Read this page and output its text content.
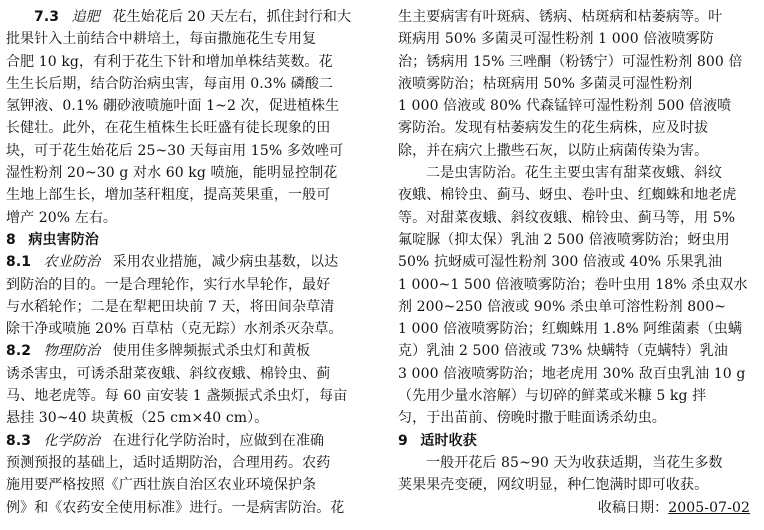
7.3 追肥 花生始花后 20 天左右，抓住封行和大
批果针入土前结合中耕培土，每亩撒施花生专用复
合肥 10 kg，有利于花生下针和增加单株结荚数。花
生生长后期，结合防治病虫害，每亩用 0.3% 磷酸二
氢钾液、0.1% 硼砂液喷施叶面 1~2 次，促进植株生
长健壮。此外，在花生植株生长旺盛有徒长现象的田
块，可于花生始花后 25~30 天每亩用 15% 多效唑可
湿性粉剂 20~30 g 对水 60 kg 喷施，能明显控制花
生地上部生长，增加茎秆粗度，提高荚果重，一般可
增产 20% 左右。
8 病虫害防治
8.1 农业防治 采用农业措施，减少病虫基数，以达
到防治的目的。一是合理轮作，实行水旱轮作，最好
与水稻轮作；二是在犁耙田块前 7 天，将田间杂草清
除干净或喷施 20% 百草枯（克无踪）水剂杀灭杂草。
8.2 物理防治 使用佳多牌频振式杀虫灯和黄板
诱杀害虫，可诱杀甜菜夜蛾、斜纹夜蛾、棉铃虫、蓟
马、地老虎等。每 60 亩安装 1 盏频振式杀虫灯，每亩
悬挂 30~40 块黄板（25 cm×40 cm）。
8.3 化学防治 在进行化学防治时，应做到在准确
预测预报的基础上，适时适期防治，合理用药。农药
施用要严格按照《广西壮族自治区农业环境保护条
例》和《农药安全使用标准》进行。一是病害防治。花
生主要病害有叶斑病、锈病、枯斑病和枯萎病等。叶
斑病用 50% 多菌灵可湿性粉剂 1 000 倍液喷雾防
治；锈病用 15% 三唑酮（粉锈宁）可湿性粉剂 800 倍
液喷雾防治；枯斑病用 50% 多菌灵可湿性粉剂
1 000 倍液或 80% 代森锰锌可湿性粉剂 500 倍液喷
雾防治。发现有枯萎病发生的花生病株，应及时拔
除，并在病穴上撒些石灰，以防止病菌传染为害。
二是虫害防治。花生主要虫害有甜菜夜蛾、斜纹
夜蛾、棉铃虫、蓟马、蚜虫、卷叶虫、红蜘蛛和地老虎
等。对甜菜夜蛾、斜纹夜蛾、棉铃虫、蓟马等，用 5%
氟啶脲（抑太保）乳油 2 500 倍液喷雾防治；蚜虫用
50% 抗蚜威可湿性粉剂 300 倍液或 40% 乐果乳油
1 000~1 500 倍液喷雾防治；卷叶虫用 18% 杀虫双水
剂 200~250 倍液或 90% 杀虫单可溶性粉剂 800~
1 000 倍液喷雾防治；红蜘蛛用 1.8% 阿维菌素（虫螨
克）乳油 2 500 倍液或 73% 炔螨特（克螨特）乳油
3 000 倍液喷雾防治；地老虎用 30% 敌百虫乳油 10 g
（先用少量水溶解）与切碎的鲜菜或米糠 5 kg 拌
匀，于出苗前、傍晚时撒于畦面诱杀幼虫。
9 适时收获
一般开花后 85~90 天为收获适期，当花生多数
荚果果壳变硬，网纹明显，种仁饱满时即可收获。
收稿日期：2005-07-02
